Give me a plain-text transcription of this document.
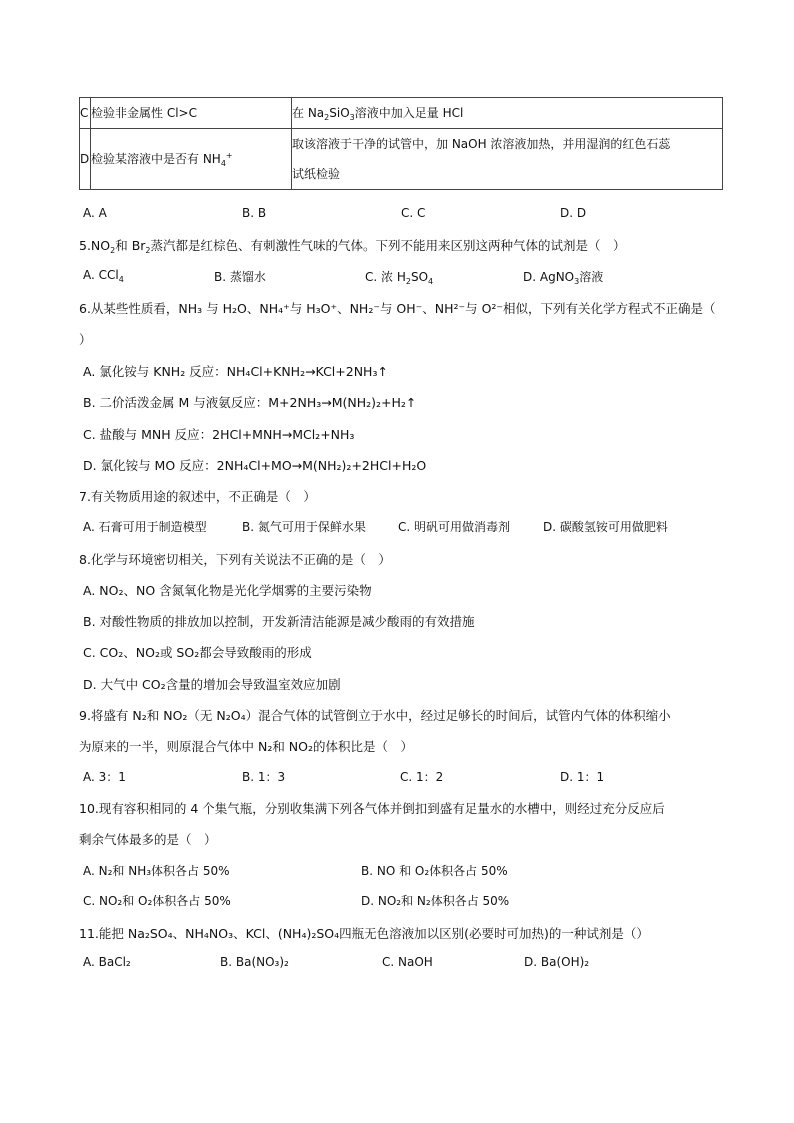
C	检验非金属性 Cl>C	在 $Na_2SiO_3$溶液中加入足量 HCl
D	检验某溶液中是否有 $NH_4^+$	取该溶液于干净的试管中，加 NaOH 浓溶液加热，并用湿润的红色石蕊
试纸检验
A. A	B. B	C. C	D. D
$5.NO_2$和 $Br_2$蒸汽都是红棕色、有刺激性气味的气体。下列不能用来区别这两种气体的试剂是（　）
A. CCl$_4$	B. 蒸馏水	C. 浓 $H_2SO_4$	D. AgNO$_3$溶液
6.从某些性质看，NH₃ 与 H₂O、NH₄⁺与 H₃O⁺、NH₂⁻与 OH⁻、NH²⁻与 O²⁻相似，下列有关化学方程式不正确是（
）
A. 氯化铵与 KNH₂ 反应：NH₄Cl+KNH₂→KCl+2NH₃↑
B. 二价活泼金属 M 与液氨反应：M+2NH₃→M(NH₂)₂+H₂↑
C. 盐酸与 MNH 反应：2HCl+MNH→MCl₂+NH₃
D. 氯化铵与 MO 反应：2NH₄Cl+MO→M(NH₂)₂+2HCl+H₂O
7.有关物质用途的叙述中，不正确是（　）
A. 石膏可用于制造模型	B. 氮气可用于保鲜水果	C. 明矾可用做消毒剂	D. 碳酸氢铵可用做肥料
8.化学与环境密切相关，下列有关说法不正确的是（　）
A. NO₂、NO 含氮氧化物是光化学烟雾的主要污染物
B. 对酸性物质的排放加以控制，开发新清洁能源是减少酸雨的有效措施
C. CO₂、NO₂或 SO₂都会导致酸雨的形成
D. 大气中 CO₂含量的增加会导致温室效应加剧
9.将盛有 N₂和 NO₂（无 N₂O₄）混合气体的试管倒立于水中，经过足够长的时间后，试管内气体的体积缩小
为原来的一半，则原混合气体中 N₂和 NO₂的体积比是（　）
A. 3：1	B. 1：3	C. 1：2	D. 1：1
10.现有容积相同的 4 个集气瓶，分别收集满下列各气体并倒扣到盛有足量水的水槽中，则经过充分反应后
剩余气体最多的是（　）
A. N₂和 NH₃体积各占 50%	B. NO 和 O₂体积各占 50%
C. NO₂和 O₂体积各占 50%	D. NO₂和 N₂体积各占 50%
11.能把 Na₂SO₄、NH₄NO₃、KCl、(NH₄)₂SO₄四瓶无色溶液加以区别(必要时可加热)的一种试剂是（）
A. BaCl₂	B. Ba(NO₃)₂	C. NaOH	D. Ba(OH)₂
